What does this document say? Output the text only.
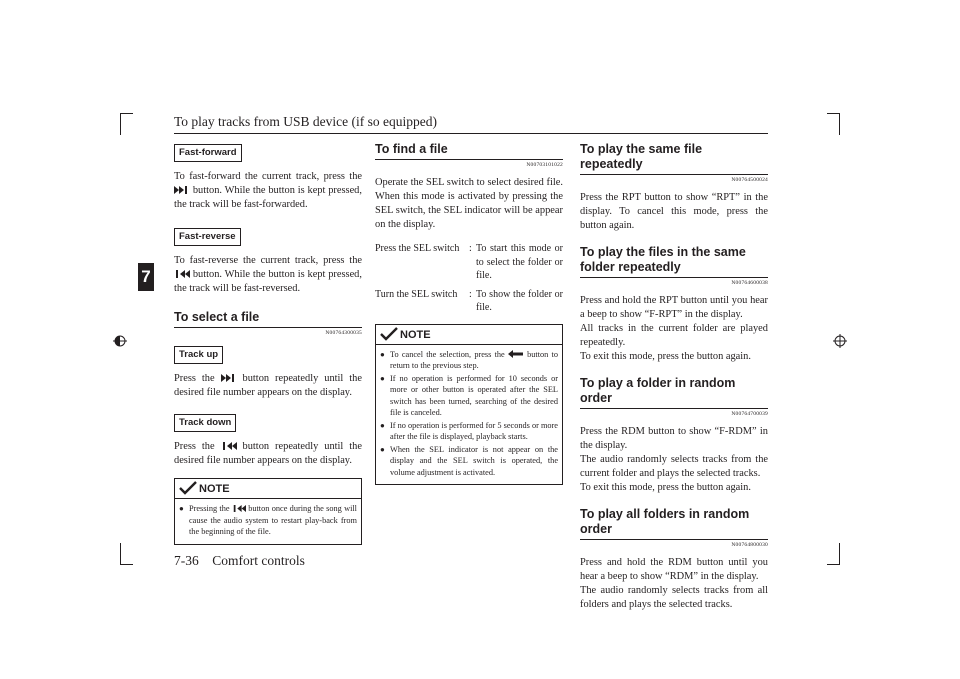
To play tracks from USB device (if so equipped)
7
7-36 Comfort controls
Fast-forward

To fast-forward the current track, press the  button. While the button is kept pressed, the track will be fast-forwarded.

Fast-reverse

To fast-reverse the current track, press the  button. While the button is kept pressed, the track will be fast-reversed.

To select a file
N00764300035
Track up

Press the	button repeatedly until the desired file number appears on the display.

Track down

Press the	button repeatedly until the desired file number appears on the display.

NOTE
● Pressing the button once during the song will cause the audio system to restart play-back from the beginning of the file.
To find a file
N00703101022

Operate the SEL switch to select desired file. When this mode is activated by pressing the SEL switch, the SEL indicator will be appear on the display.

Press the SEL switch	:	To start this mode or to select the folder or file.
Turn the SEL switch	:	To show the folder or file.
NOTE
● To cancel the selection, press the	button to return to the previous step.
● If no operation is performed for 10 seconds or more or other button is operated after the SEL switch has been turned, searching of the desired file is canceled.
● If no operation is performed for 5 seconds or more after the file is displayed, playback starts.
● When the SEL indicator is not appear on the display and the SEL switch is operated, the volume adjustment is activated.
To play the same file repeatedly
N00764500024

Press the RPT button to show “RPT” in the display. To cancel this mode, press the button again.

To play the files in the same folder repeatedly
N00764600038

Press and hold the RPT button until you hear a beep to show “F-RPT” in the display.
All tracks in the current folder are played repeatedly.
To exit this mode, press the button again.

To play a folder in random order
N00764700039

Press the RDM button to show “F-RDM” in the display.
The audio randomly selects tracks from the current folder and plays the selected tracks.
To exit this mode, press the button again.

To play all folders in random order
N00764800030

Press and hold the RDM button until you hear a beep to show “RDM” in the display.
The audio randomly selects tracks from all folders and plays the selected tracks.
